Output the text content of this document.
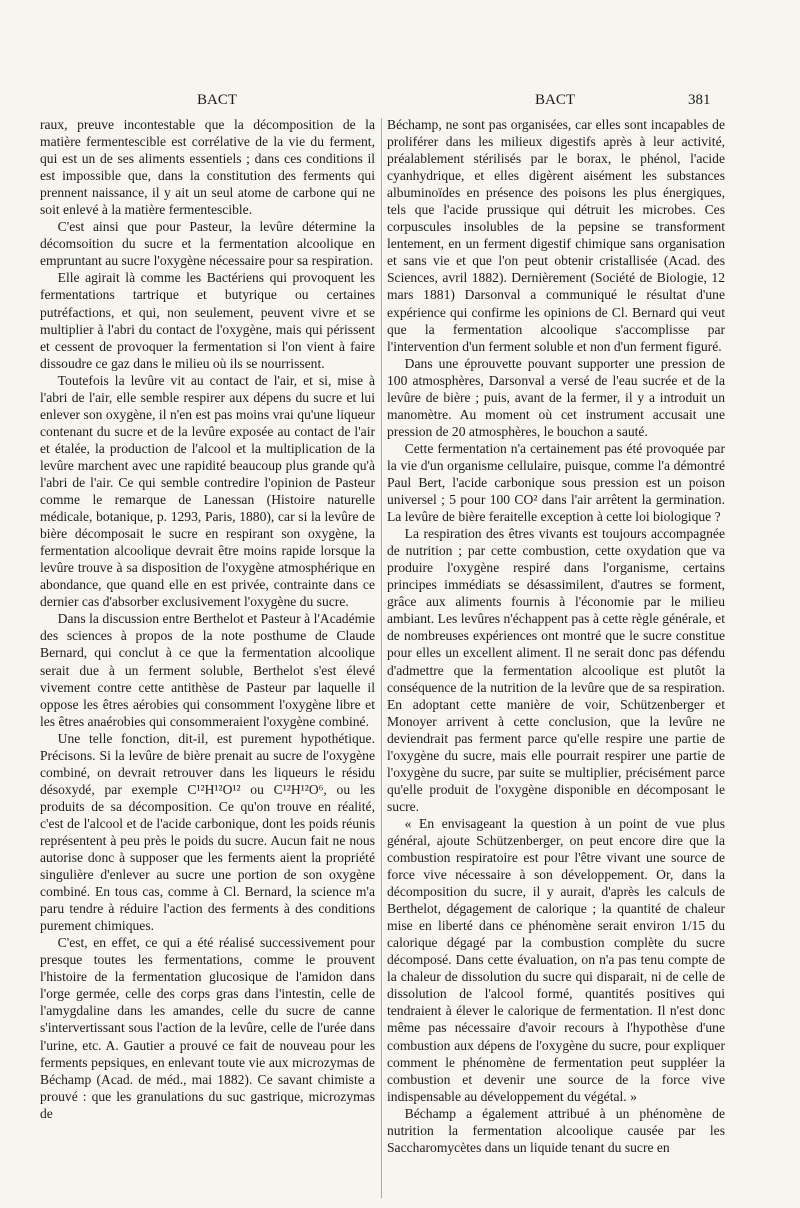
BACT	BACT	381

raux, preuve incontestable que la décomposition de la matière fermentescible est corrélative de la vie du ferment, qui est un de ses aliments essentiels ; dans ces conditions il est impossible que, dans la constitution des ferments qui prennent naissance, il y ait un seul atome de carbone qui ne soit enlevé à la matière fermentescible.

C'est ainsi que pour Pasteur, la levûre détermine la décomsoition du sucre et la fermentation alcoolique en empruntant au sucre l'oxygène nécessaire pour sa respiration.

Elle agirait là comme les Bactériens qui provoquent les fermentations tartrique et butyrique ou certaines putréfactions, et qui, non seulement, peuvent vivre et se multiplier à l'abri du contact de l'oxygène, mais qui périssent et cessent de provoquer la fermentation si l'on vient à faire dissoudre ce gaz dans le milieu où ils se nourrissent.

Toutefois la levûre vit au contact de l'air, et si, mise à l'abri de l'air, elle semble respirer aux dépens du sucre et lui enlever son oxygène, il n'en est pas moins vrai qu'une liqueur contenant du sucre et de la levûre exposée au contact de l'air et étalée, la production de l'alcool et la multiplication de la levûre marchent avec une rapidité beaucoup plus grande qu'à l'abri de l'air. Ce qui semble contredire l'opinion de Pasteur comme le remarque de Lanessan (Histoire naturelle médicale, botanique, p. 1293, Paris, 1880), car si la levûre de bière décomposait le sucre en respirant son oxygène, la fermentation alcoolique devrait être moins rapide lorsque la levûre trouve à sa disposition de l'oxygène atmosphérique en abondance, que quand elle en est privée, contrainte dans ce dernier cas d'absorber exclusivement l'oxygène du sucre.

Dans la discussion entre Berthelot et Pasteur à l'Académie des sciences à propos de la note posthume de Claude Bernard, qui conclut à ce que la fermentation alcoolique serait due à un ferment soluble, Berthelot s'est élevé vivement contre cette antithèse de Pasteur par laquelle il oppose les êtres aérobies qui consomment l'oxygène libre et les êtres anaérobies qui consommeraient l'oxygène combiné.

Une telle fonction, dit-il, est purement hypothétique. Précisons. Si la levûre de bière prenait au sucre de l'oxygène combiné, on devrait retrouver dans les liqueurs le résidu désoxydé, par exemple C¹²H¹²O¹² ou C¹²H¹²O⁶, ou les produits de sa décomposition. Ce qu'on trouve en réalité, c'est de l'alcool et de l'acide carbonique, dont les poids réunis représentent à peu près le poids du sucre. Aucun fait ne nous autorise donc à supposer que les ferments aient la propriété singulière d'enlever au sucre une portion de son oxygène combiné. En tous cas, comme à Cl. Bernard, la science m'a paru tendre à réduire l'action des ferments à des conditions purement chimiques.

C'est, en effet, ce qui a été réalisé successivement pour presque toutes les fermentations, comme le prouvent l'histoire de la fermentation glucosique de l'amidon dans l'orge germée, celle des corps gras dans l'intestin, celle de l'amygdaline dans les amandes, celle du sucre de canne s'intervertissant sous l'action de la levûre, celle de l'urée dans l'urine, etc. A. Gautier a prouvé ce fait de nouveau pour les ferments pepsiques, en enlevant toute vie aux microzymas de Béchamp (Acad. de méd., mai 1882). Ce savant chimiste a prouvé : que les granulations du suc gastrique, microzymas de

Béchamp, ne sont pas organisées, car elles sont incapables de proliférer dans les milieux digestifs après à leur activité, préalablement stérilisés par le borax, le phénol, l'acide cyanhydrique, et elles digèrent aisément les substances albuminoïdes en présence des poisons les plus énergiques, tels que l'acide prussique qui détruit les microbes. Ces corpuscules insolubles de la pepsine se transforment lentement, en un ferment digestif chimique sans organisation et sans vie et que l'on peut obtenir cristallisée (Acad. des Sciences, avril 1882). Dernièrement (Société de Biologie, 12 mars 1881) Darsonval a communiqué le résultat d'une expérience qui confirme les opinions de Cl. Bernard qui veut que la fermentation alcoolique s'accomplisse par l'intervention d'un ferment soluble et non d'un ferment figuré.

Dans une éprouvette pouvant supporter une pression de 100 atmosphères, Darsonval a versé de l'eau sucrée et de la levûre de bière ; puis, avant de la fermer, il y a introduit un manomètre. Au moment où cet instrument accusait une pression de 20 atmosphères, le bouchon a sauté.

Cette fermentation n'a certainement pas été provoquée par la vie d'un organisme cellulaire, puisque, comme l'a démontré Paul Bert, l'acide carbonique sous pression est un poison universel ; 5 pour 100 CO² dans l'air arrêtent la germination. La levûre de bière feraitelle exception à cette loi biologique ?

La respiration des êtres vivants est toujours accompagnée de nutrition ; par cette combustion, cette oxydation que va produire l'oxygène respiré dans l'organisme, certains principes immédiats se désassimilent, d'autres se forment, grâce aux aliments fournis à l'économie par le milieu ambiant. Les levûres n'échappent pas à cette règle générale, et de nombreuses expériences ont montré que le sucre constitue pour elles un excellent aliment. Il ne serait donc pas défendu d'admettre que la fermentation alcoolique est plutôt la conséquence de la nutrition de la levûre que de sa respiration. En adoptant cette manière de voir, Schützenberger et Monoyer arrivent à cette conclusion, que la levûre ne deviendrait pas ferment parce qu'elle respire une partie de l'oxygène du sucre, mais elle pourrait respirer une partie de l'oxygène du sucre, par suite se multiplier, précisément parce qu'elle produit de l'oxygène disponible en décomposant le sucre.

« En envisageant la question à un point de vue plus général, ajoute Schützenberger, on peut encore dire que la combustion respiratoire est pour l'être vivant une source de force vive nécessaire à son développement. Or, dans la décomposition du sucre, il y aurait, d'après les calculs de Berthelot, dégagement de calorique ; la quantité de chaleur mise en liberté dans ce phénomène serait environ 1/15 du calorique dégagé par la combustion complète du sucre décomposé. Dans cette évaluation, on n'a pas tenu compte de la chaleur de dissolution du sucre qui disparait, ni de celle de dissolution de l'alcool formé, quantités positives qui tendraient à élever le calorique de fermentation. Il n'est donc même pas nécessaire d'avoir recours à l'hypothèse d'une combustion aux dépens de l'oxygène du sucre, pour expliquer comment le phénomène de fermentation peut suppléer la combustion et devenir une source de la force vive indispensable au développement du végétal. »

Béchamp a également attribué à un phénomène de nutrition la fermentation alcoolique causée par les Saccharomycètes dans un liquide tenant du sucre en
